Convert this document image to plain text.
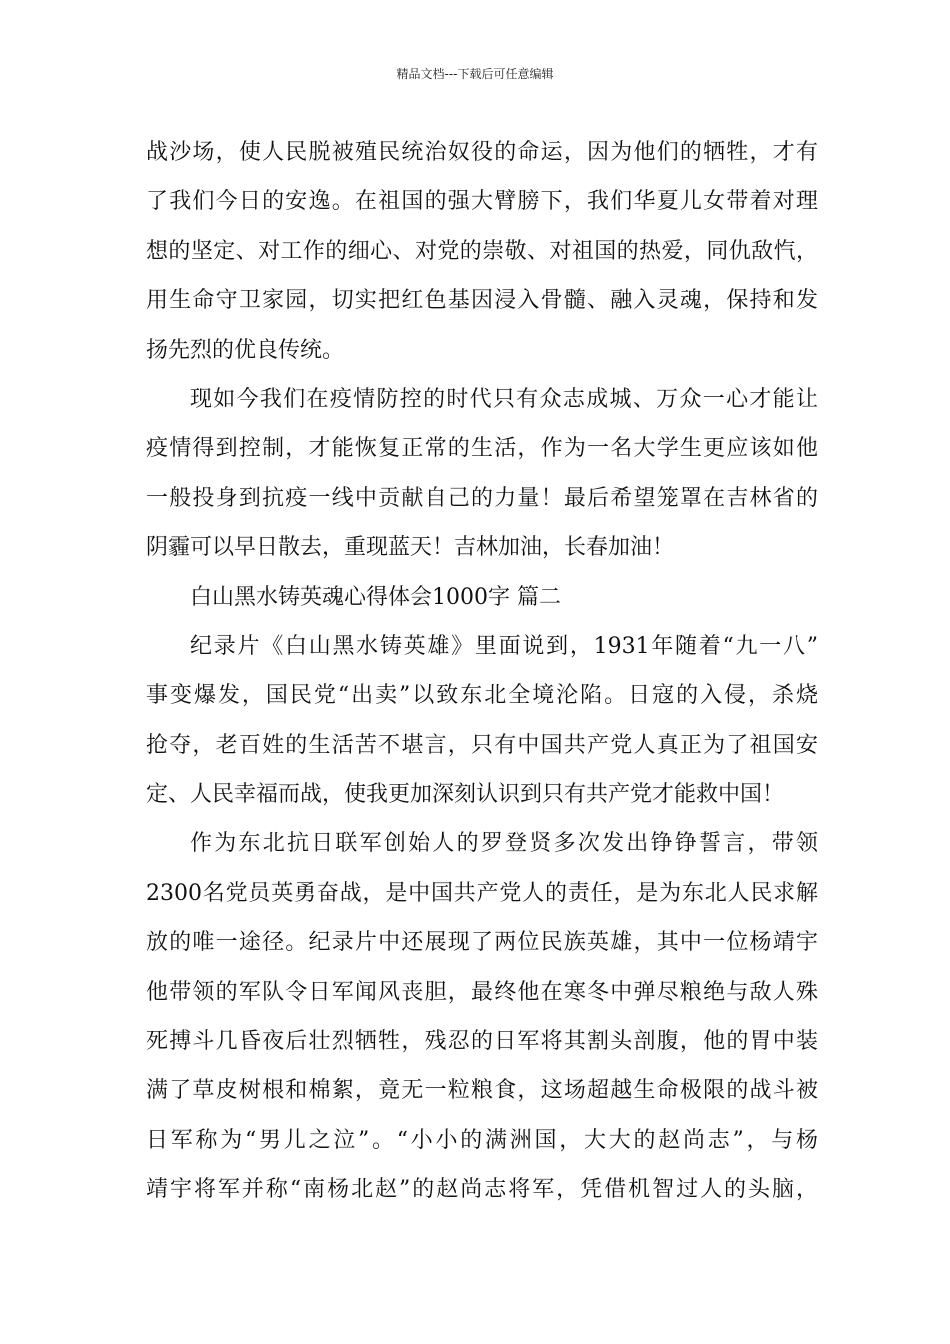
精品文档---下载后可任意编辑
战沙场，使人民脱被殖民统治奴役的命运，因为他们的牺牲，才有
了我们今日的安逸。在祖国的强大臂膀下，我们华夏儿女带着对理
想的坚定、对工作的细心、对党的崇敬、对祖国的热爱，同仇敌忾，
用生命守卫家园，切实把红色基因浸入骨髓、融入灵魂，保持和发
扬先烈的优良传统。
现如今我们在疫情防控的时代只有众志成城、万众一心才能让
疫情得到控制，才能恢复正常的生活，作为一名大学生更应该如他
一般投身到抗疫一线中贡献自己的力量！最后希望笼罩在吉林省的
阴霾可以早日散去，重现蓝天！吉林加油，长春加油！
白山黑水铸英魂心得体会1000字 篇二
纪录片《白山黑水铸英雄》里面说到，1931年随着“九一八”
事变爆发，国民党“出卖”以致东北全境沦陷。日寇的入侵，杀烧
抢夺，老百姓的生活苦不堪言，只有中国共产党人真正为了祖国安
定、人民幸福而战，使我更加深刻认识到只有共产党才能救中国！
作为东北抗日联军创始人的罗登贤多次发出铮铮誓言，带领
2300名党员英勇奋战，是中国共产党人的责任，是为东北人民求解
放的唯一途径。纪录片中还展现了两位民族英雄，其中一位杨靖宇
他带领的军队令日军闻风丧胆，最终他在寒冬中弹尽粮绝与敌人殊
死搏斗几昏夜后壮烈牺牲，残忍的日军将其割头剖腹，他的胃中装
满了草皮树根和棉絮，竟无一粒粮食，这场超越生命极限的战斗被
日军称为“男儿之泣”。“小小的满洲国，大大的赵尚志”，与杨
靖宇将军并称“南杨北赵”的赵尚志将军，凭借机智过人的头脑，
